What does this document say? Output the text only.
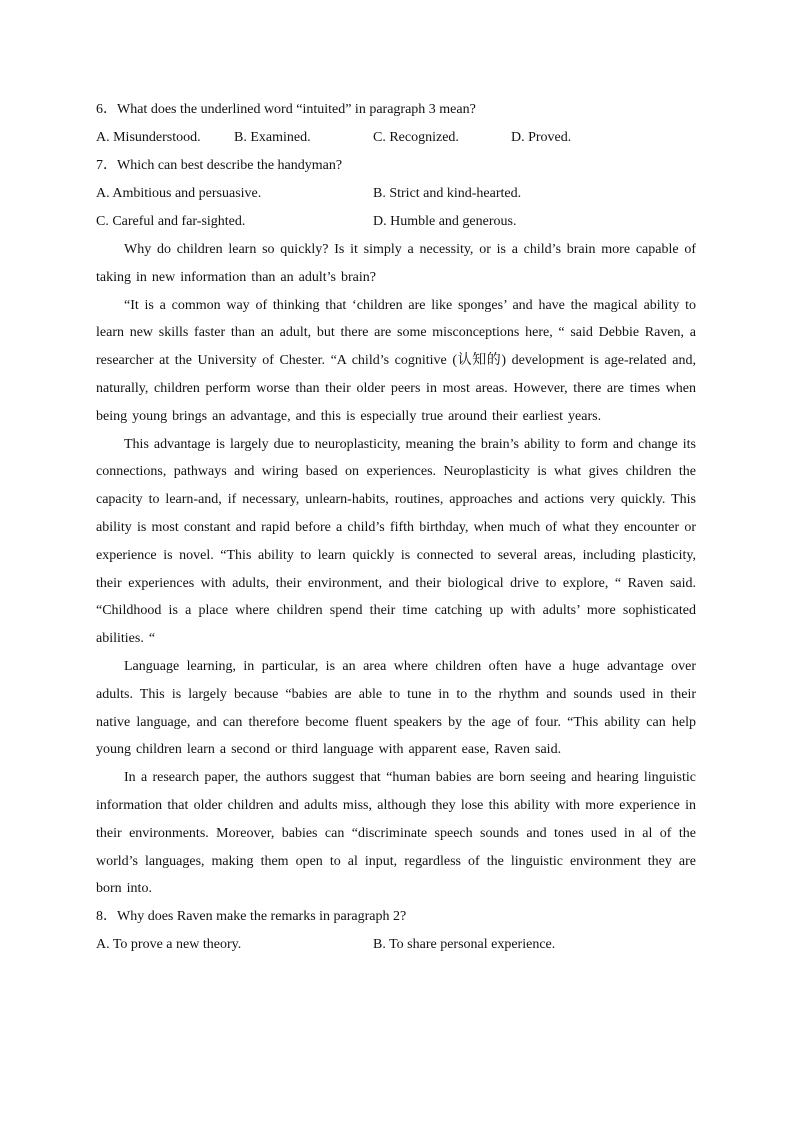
6．What does the underlined word “intuited” in paragraph 3 mean?
A. Misunderstood. B. Examined.	C. Recognized.	D. Proved.
7．Which can best describe the handyman?
A. Ambitious and persuasive.	B. Strict and kind-hearted.
C. Careful and far-sighted.	D. Humble and generous.

Why do children learn so quickly? Is it simply a necessity, or is a child’s brain more capable of taking in new information than an adult’s brain?

“It is a common way of thinking that ‘children are like sponges’ and have the magical ability to learn new skills faster than an adult, but there are some misconceptions here, “ said Debbie Raven, a researcher at the University of Chester. “A child’s cognitive (认知的) development is age-related and, naturally, children perform worse than their older peers in most areas. However, there are times when being young brings an advantage, and this is especially true around their earliest years.

This advantage is largely due to neuroplasticity, meaning the brain’s ability to form and change its connections, pathways and wiring based on experiences. Neuroplasticity is what gives children the capacity to learn-and, if necessary, unlearn-habits, routines, approaches and actions very quickly. This ability is most constant and rapid before a child’s fifth birthday, when much of what they encounter or experience is novel. “This ability to learn quickly is connected to several areas, including plasticity, their experiences with adults, their environment, and their biological drive to explore, “ Raven said. “Childhood is a place where children spend their time catching up with adults’ more sophisticated abilities. “

Language learning, in particular, is an area where children often have a huge advantage over adults. This is largely because “babies are able to tune in to the rhythm and sounds used in their native language, and can therefore become fluent speakers by the age of four. “This ability can help young children learn a second or third language with apparent ease, Raven said.

In a research paper, the authors suggest that “human babies are born seeing and hearing linguistic information that older children and adults miss, although they lose this ability with more experience in their environments. Moreover, babies can “discriminate speech sounds and tones used in al of the world’s languages, making them open to al input, regardless of the linguistic environment they are born into.

8．Why does Raven make the remarks in paragraph 2?
A. To prove a new theory.	B. To share personal experience.
